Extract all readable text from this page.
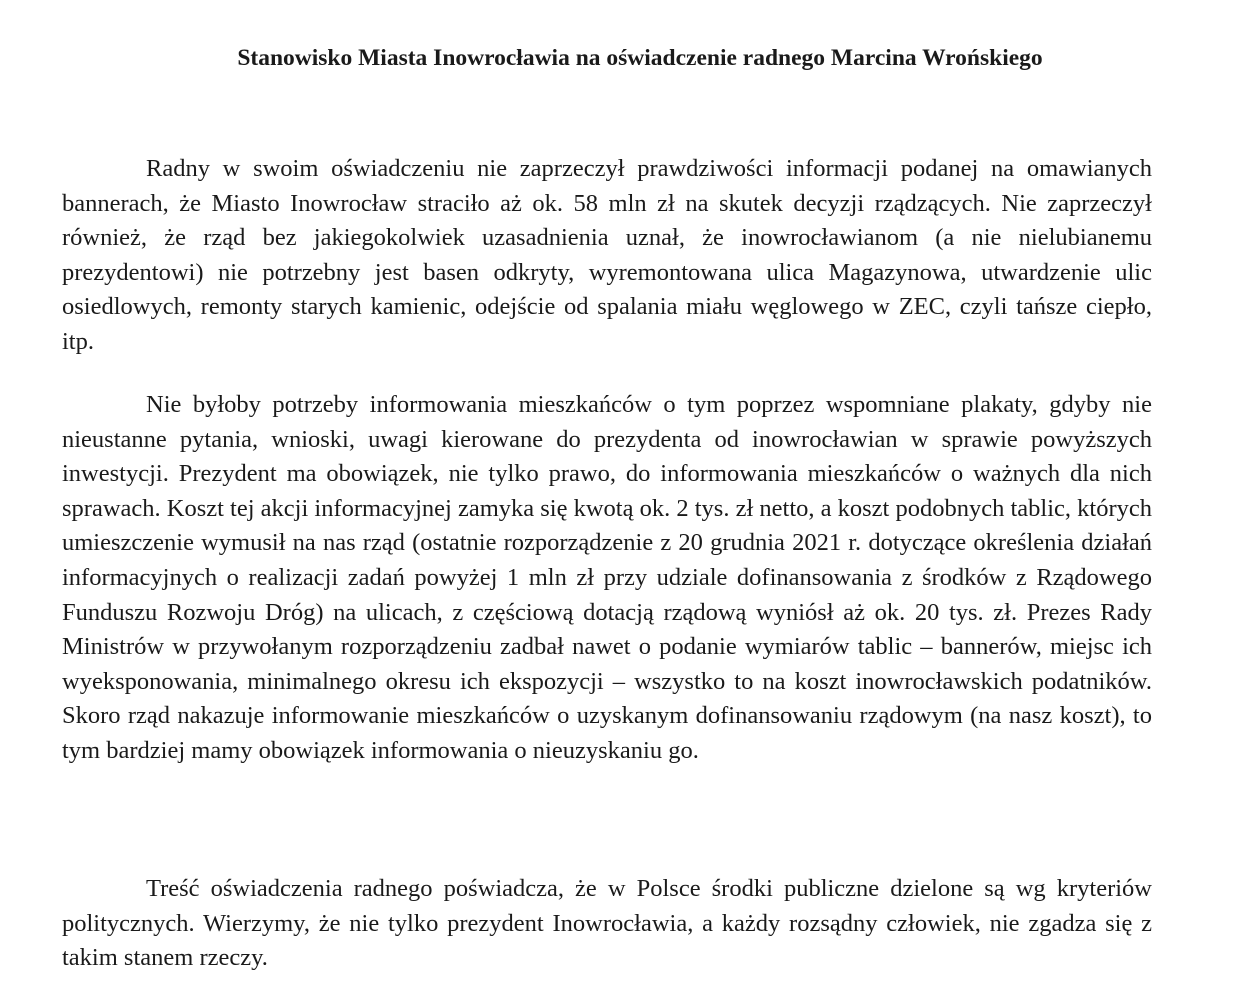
Stanowisko Miasta Inowrocławia na oświadczenie radnego Marcina Wrońskiego

Radny w swoim oświadczeniu nie zaprzeczył prawdziwości informacji podanej na omawianych bannerach, że Miasto Inowrocław straciło aż ok. 58 mln zł na skutek decyzji rządzących. Nie zaprzeczył również, że rząd bez jakiegokolwiek uzasadnienia uznał, że inowrocławianom (a nie nielubianemu prezydentowi) nie potrzebny jest basen odkryty, wyremontowana ulica Magazynowa, utwardzenie ulic osiedlowych, remonty starych kamienic, odejście od spalania miału węglowego w ZEC, czyli tańsze ciepło, itp.

Nie byłoby potrzeby informowania mieszkańców o tym poprzez wspomniane plakaty, gdyby nie nieustanne pytania, wnioski, uwagi kierowane do prezydenta od inowrocławian w sprawie powyższych inwestycji. Prezydent ma obowiązek, nie tylko prawo, do informowania mieszkańców o ważnych dla nich sprawach. Koszt tej akcji informacyjnej zamyka się kwotą ok. 2 tys. zł netto, a koszt podobnych tablic, których umieszczenie wymusił na nas rząd (ostatnie rozporządzenie z 20 grudnia 2021 r. dotyczące określenia działań informacyjnych o realizacji zadań powyżej 1 mln zł przy udziale dofinansowania z środków z Rządowego Funduszu Rozwoju Dróg) na ulicach, z częściową dotacją rządową wyniósł aż ok. 20 tys. zł. Prezes Rady Ministrów w przywołanym rozporządzeniu zadbał nawet o podanie wymiarów tablic – bannerów, miejsc ich wyeksponowania, minimalnego okresu ich ekspozycji – wszystko to na koszt inowrocławskich podatników. Skoro rząd nakazuje informowanie mieszkańców o uzyskanym dofinansowaniu rządowym (na nasz koszt), to tym bardziej mamy obowiązek informowania o nieuzyskaniu go.

Treść oświadczenia radnego poświadcza, że w Polsce środki publiczne dzielone są wg kryteriów politycznych. Wierzymy, że nie tylko prezydent Inowrocławia, a każdy rozsądny człowiek, nie zgadza się z takim stanem rzeczy.
